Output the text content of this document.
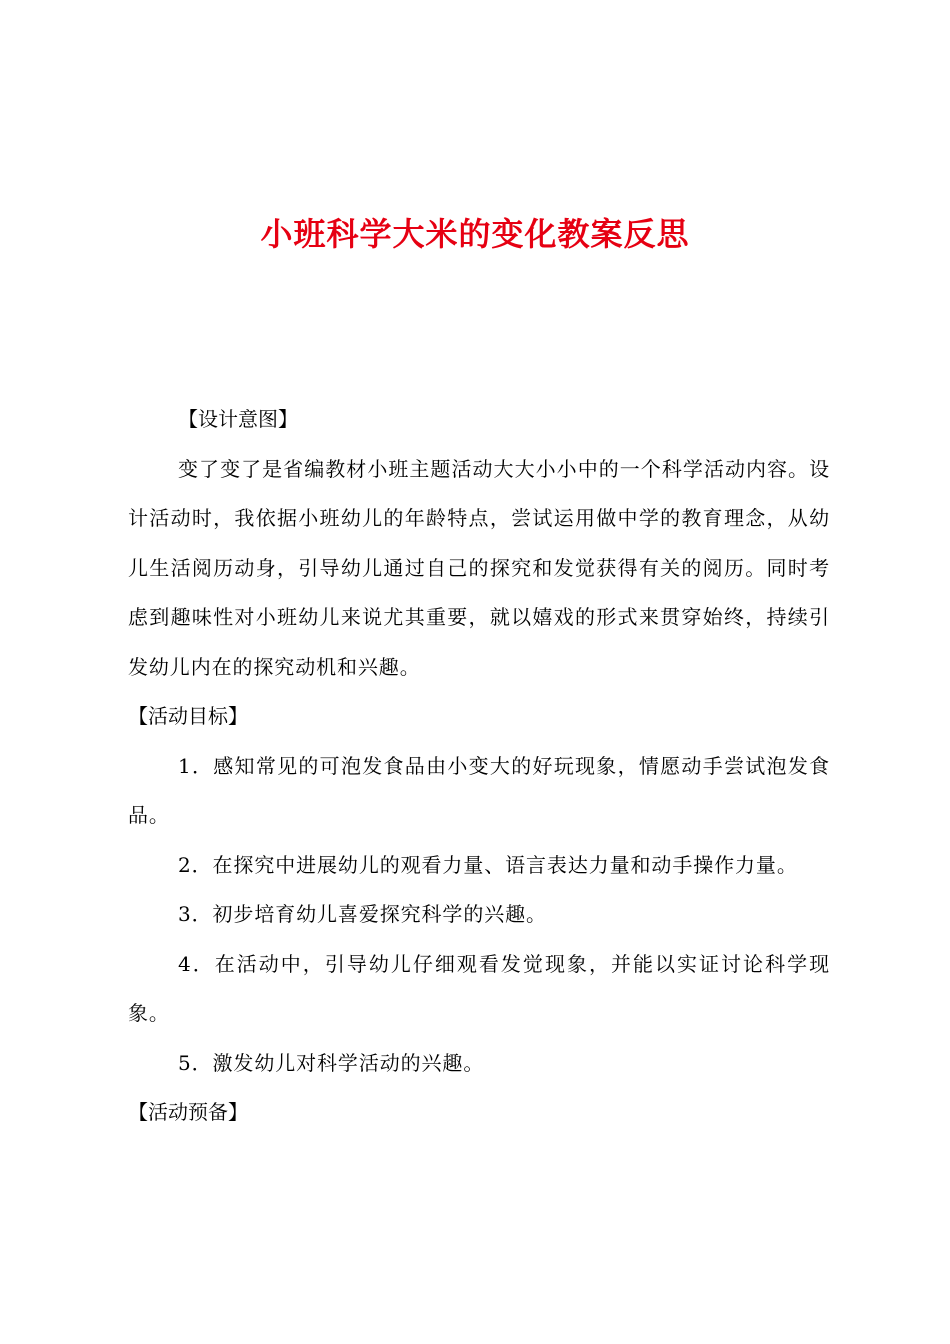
小班科学大米的变化教案反思

【设计意图】

变了变了是省编教材小班主题活动大大小小中的一个科学活动内容。设计活动时，我依据小班幼儿的年龄特点，尝试运用做中学的教育理念，从幼儿生活阅历动身，引导幼儿通过自己的探究和发觉获得有关的阅历。同时考虑到趣味性对小班幼儿来说尤其重要，就以嬉戏的形式来贯穿始终，持续引发幼儿内在的探究动机和兴趣。

【活动目标】

1．感知常见的可泡发食品由小变大的好玩现象，情愿动手尝试泡发食品。

2．在探究中进展幼儿的观看力量、语言表达力量和动手操作力量。

3．初步培育幼儿喜爱探究科学的兴趣。

4．在活动中，引导幼儿仔细观看发觉现象，并能以实证讨论科学现象。

5．激发幼儿对科学活动的兴趣。

【活动预备】
